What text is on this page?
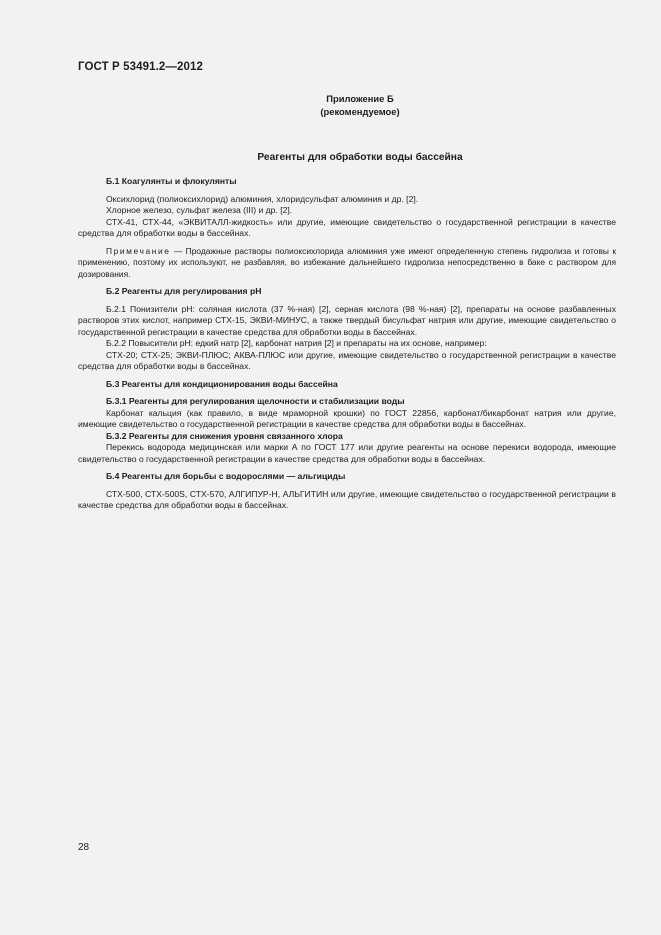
ГОСТ Р 53491.2—2012
Приложение Б
(рекомендуемое)
Реагенты для обработки воды бассейна

Б.1 Коагулянты и флокулянты

Оксихлорид (полиоксихлорид) алюминия, хлоридсульфат алюминия и др. [2].

Хлорное железо, сульфат железа (III) и др. [2].

СТХ-41, СТХ-44, «ЭКВИТАЛЛ-жидкость» или другие, имеющие свидетельство о государственной регистрации в качестве средства для обработки воды в бассейнах.

Примечание — Продажные растворы полиоксихлорида алюминия уже имеют определенную степень гидролиза и готовы к применению, поэтому их используют, не разбавляя, во избежание дальнейшего гидролиза непосредственно в баке с раствором для дозирования.

Б.2 Реагенты для регулирования рН

Б.2.1 Понизители рН: соляная кислота (37 %-ная) [2], серная кислота (98 %-ная) [2], препараты на основе разбавленных растворов этих кислот, например СТХ-15, ЭКВИ-МИНУС, а также твердый бисульфат натрия или другие, имеющие свидетельство о государственной регистрации в качестве средства для обработки воды в бассейнах.

Б.2.2 Повысители рН: едкий натр [2], карбонат натрия [2] и препараты на их основе, например:

СТХ-20; СТХ-25; ЭКВИ-ПЛЮС; АКВА-ПЛЮС или другие, имеющие свидетельство о государственной регистрации в качестве средства для обработки воды в бассейнах.

Б.3 Реагенты для кондиционирования воды бассейна

Б.3.1 Реагенты для регулирования щелочности и стабилизации воды

Карбонат кальция (как правило, в виде мраморной крошки) по ГОСТ 22856, карбонат/бикарбонат натрия или другие, имеющие свидетельство о государственной регистрации в качестве средства для обработки воды в бассейнах.

Б.3.2 Реагенты для снижения уровня связанного хлора

Перекись водорода медицинская или марки А по ГОСТ 177 или другие реагенты на основе перекиси водорода, имеющие свидетельство о государственной регистрации в качестве средства для обработки воды в бассейнах.

Б.4 Реагенты для борьбы с водорослями — альгициды

СТХ-500, СТХ-500S, СТХ-570, АЛГИПУР-Н, АЛЬГИТИН или другие, имеющие свидетельство о государственной регистрации в качестве средства для обработки воды в бассейнах.

28
